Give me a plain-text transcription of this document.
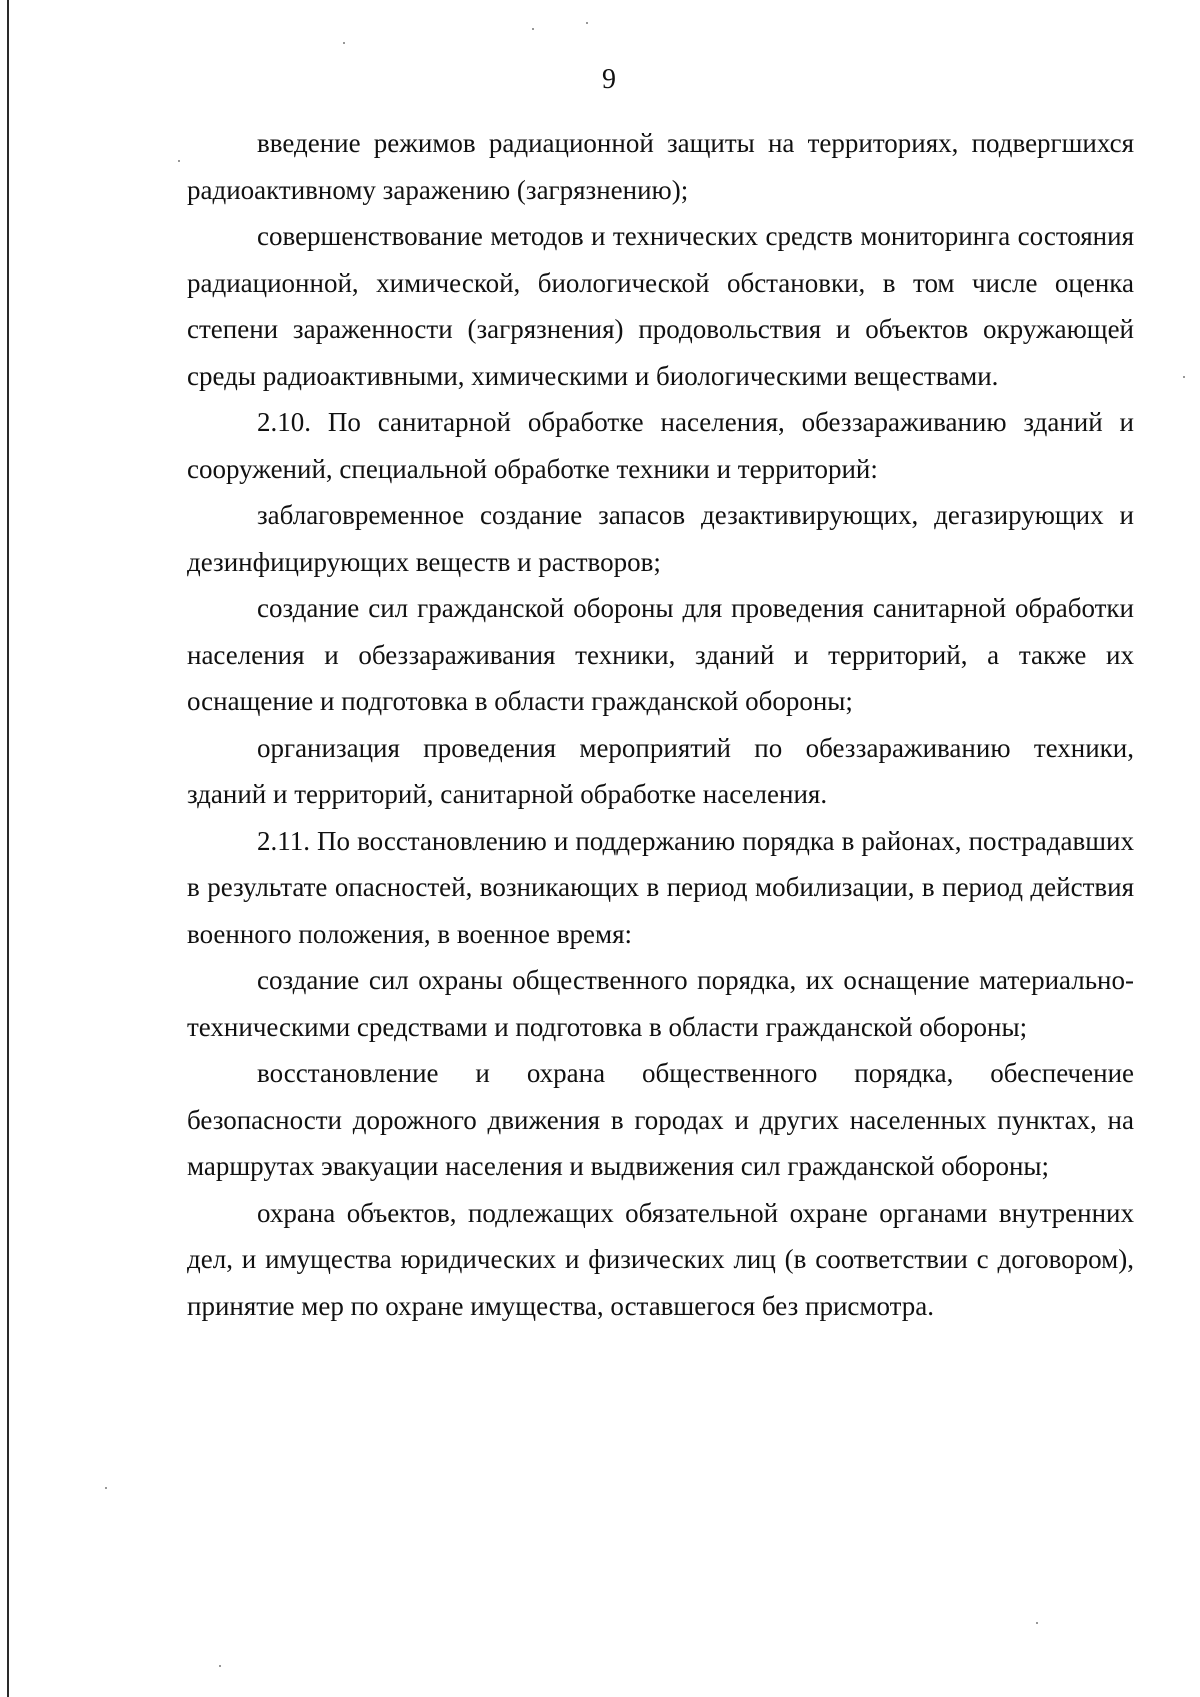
9

введение режимов радиационной защиты на территориях, подвергшихся радиоактивному заражению (загрязнению);

совершенствование методов и технических средств мониторинга состояния радиационной, химической, биологической обстановки, в том числе оценка степени зараженности (загрязнения) продовольствия и объектов окружающей среды радиоактивными, химическими и биологическими веществами.

2.10. По санитарной обработке населения, обеззараживанию зданий и сооружений, специальной обработке техники и территорий:

заблаговременное создание запасов дезактивирующих, дегазирующих и дезинфицирующих веществ и растворов;

создание сил гражданской обороны для проведения санитарной обработки населения и обеззараживания техники, зданий и территорий, а также их оснащение и подготовка в области гражданской обороны;

организация проведения мероприятий по обеззараживанию техники, зданий и территорий, санитарной обработке населения.

2.11. По восстановлению и поддержанию порядка в районах, пострадавших в результате опасностей, возникающих в период мобилизации, в период действия военного положения, в военное время:

создание сил охраны общественного порядка, их оснащение материально-техническими средствами и подготовка в области гражданской обороны;

восстановление и охрана общественного порядка, обеспечение безопасности дорожного движения в городах и других населенных пунктах, на маршрутах эвакуации населения и выдвижения сил гражданской обороны;

охрана объектов, подлежащих обязательной охране органами внутренних дел, и имущества юридических и физических лиц (в соответствии с договором), принятие мер по охране имущества, оставшегося без присмотра.
